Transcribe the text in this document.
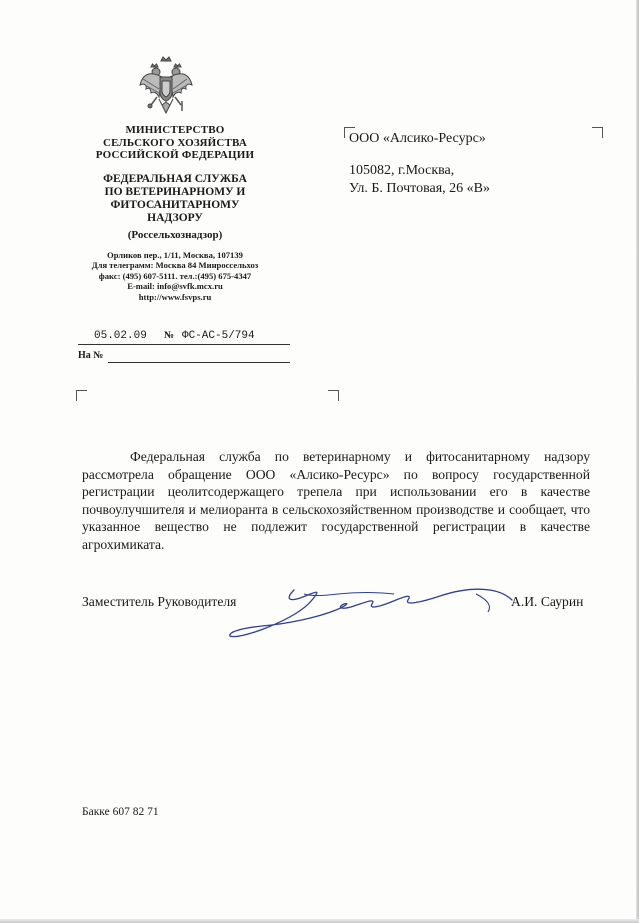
МИНИСТЕРСТВО
СЕЛЬСКОГО ХОЗЯЙСТВА
РОССИЙСКОЙ ФЕДЕРАЦИИ
ФЕДЕРАЛЬНАЯ СЛУЖБА
ПО ВЕТЕРИНАРНОМУ И
ФИТОСАНИТАРНОМУ
НАДЗОРУ
(Россельхознадзор)
Орликов пер., 1/11, Москва, 107139
Для телеграмм: Москва 84 Минроссельхоз
факс: (495) 607-5111. тел.:(495) 675-4347
E-mail: info@svfk.mcx.ru
http://www.fsvps.ru
05.02.09 № ФС-АС-5/794
На №
ООО «Алсико-Ресурс»
105082, г.Москва,
Ул. Б. Почтовая, 26 «В»
Федеральная служба по ветеринарному и фитосанитарному надзору рассмотрела обращение ООО «Алсико-Ресурс» по вопросу государственной регистрации цеолитсодержащего трепела при использовании его в качестве почвоулучшителя и мелиоранта в сельскохозяйственном производстве и сообщает, что указанное вещество не подлежит государственной регистрации в качестве агрохимиката.
Заместитель Руководителя	А.И. Саурин
Бакке 607 82 71
